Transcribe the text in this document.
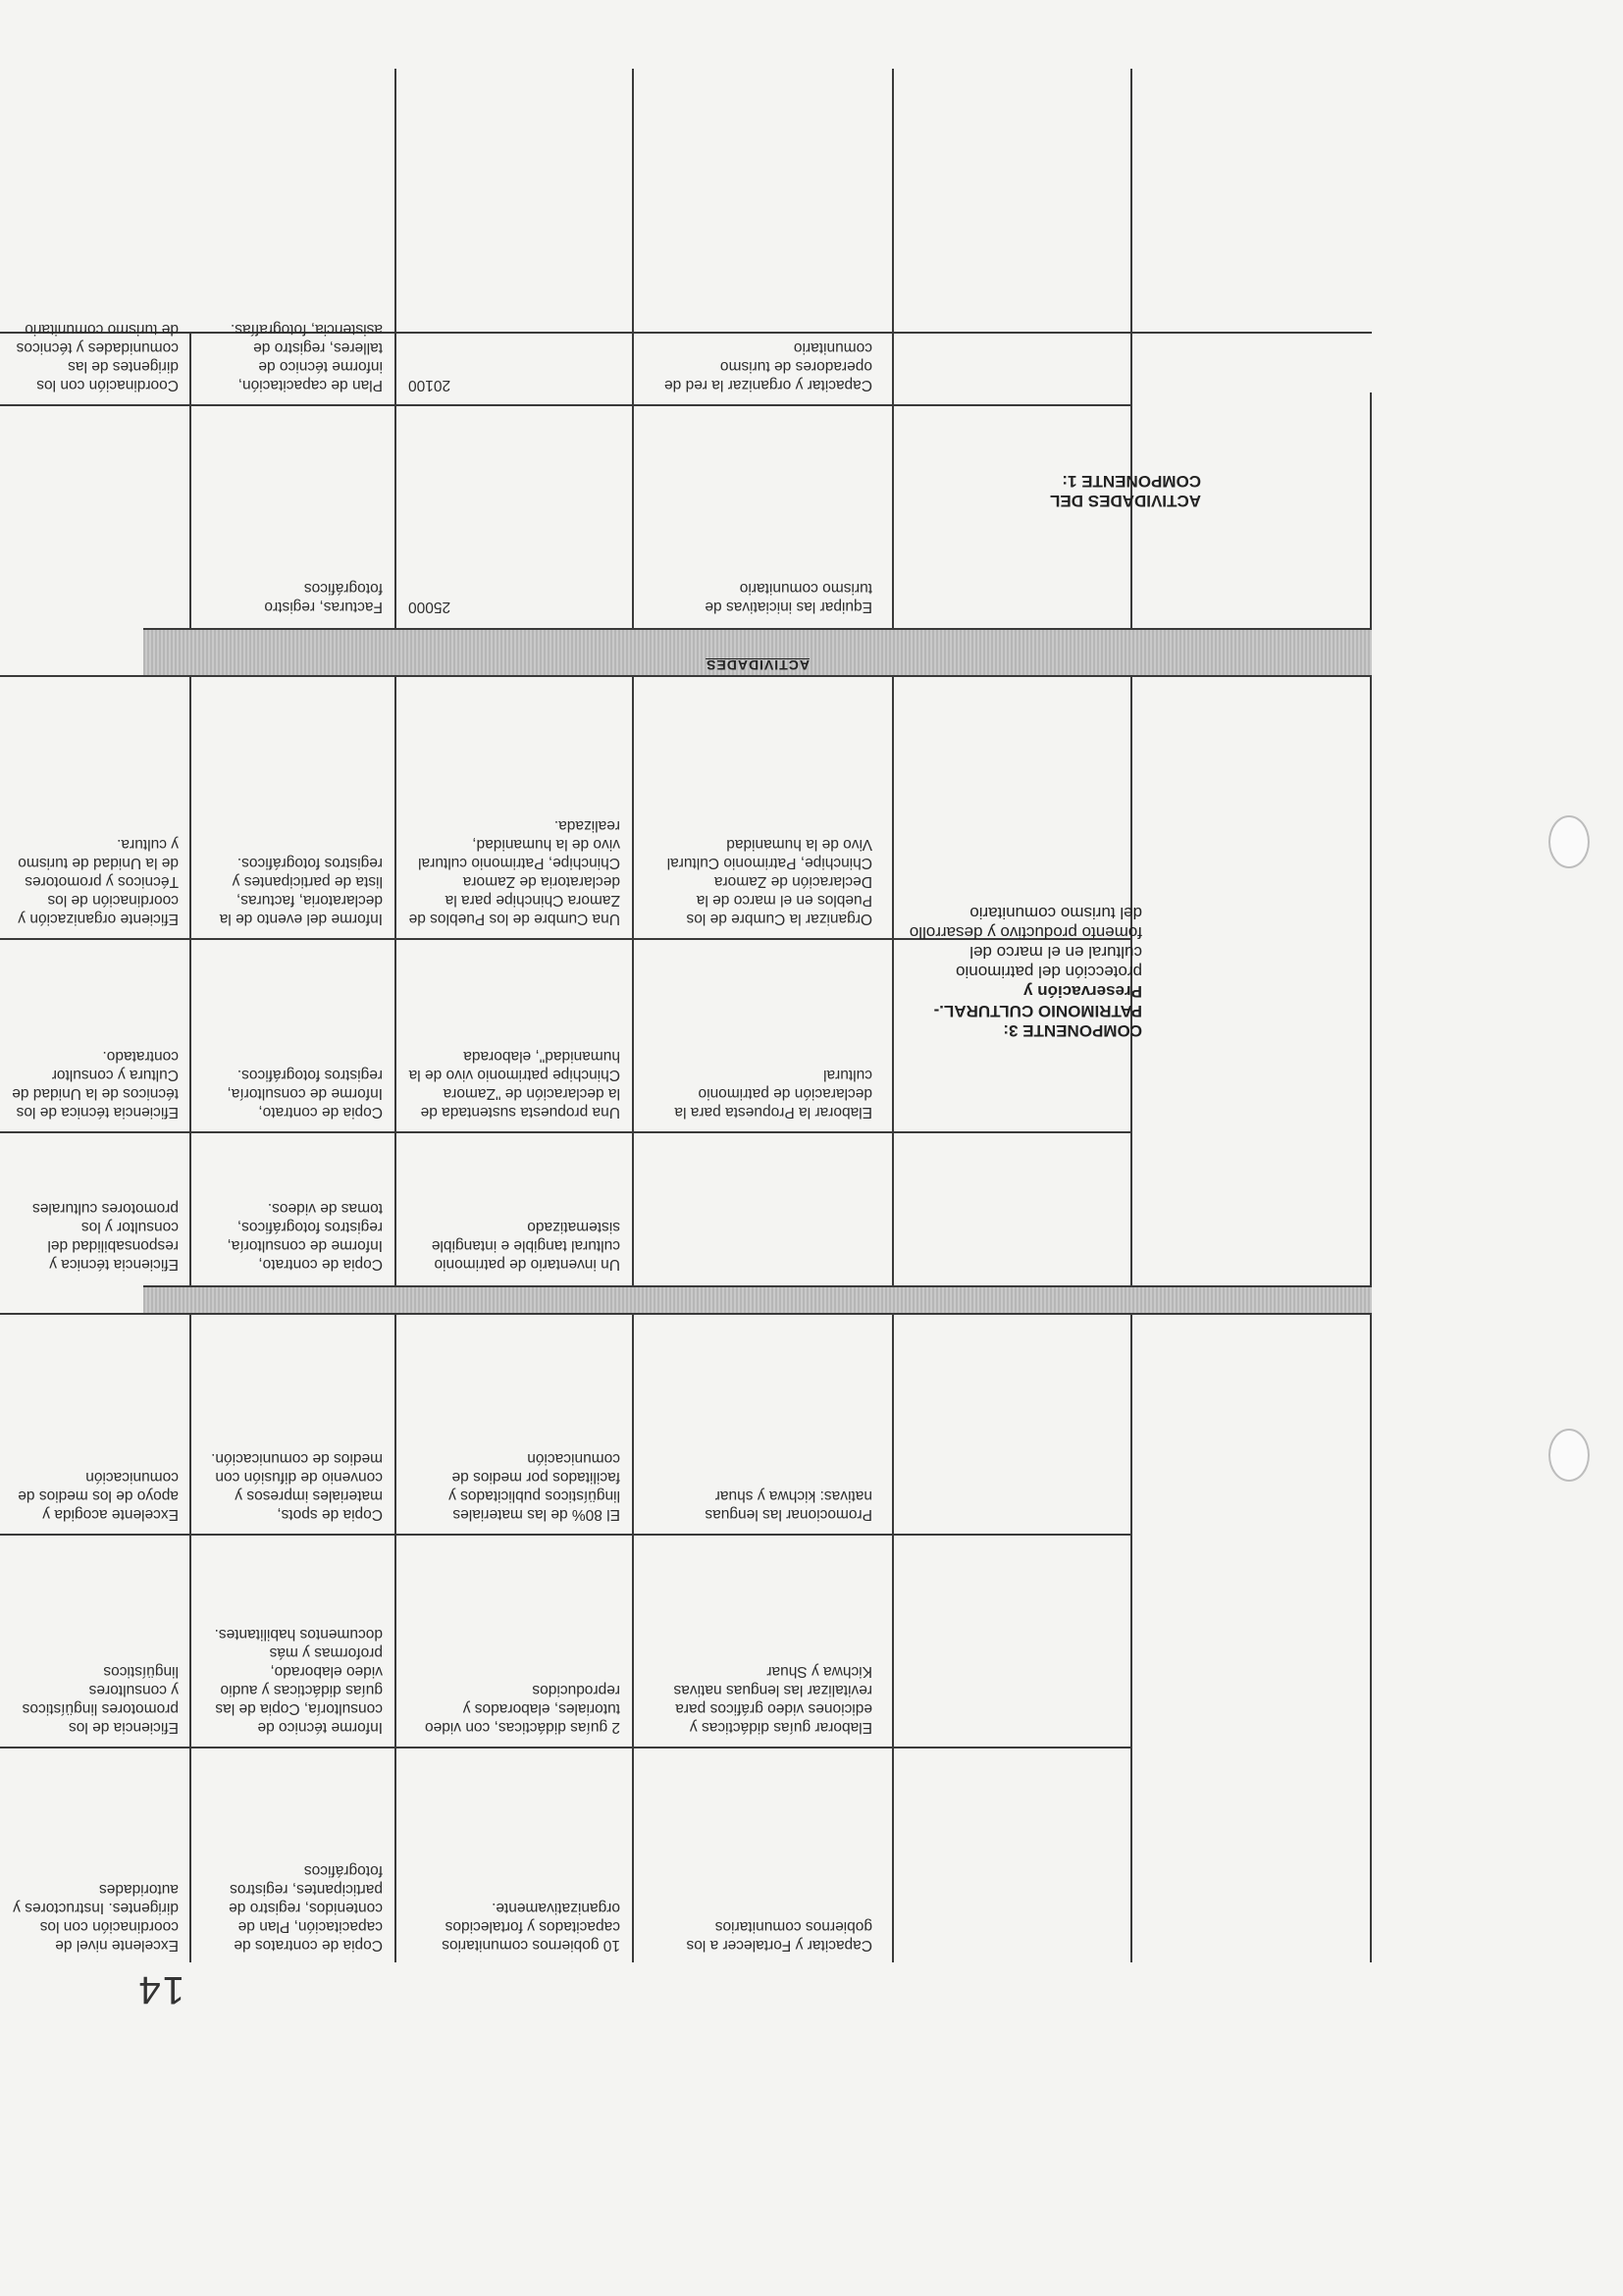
14
ACTIVIDADES
COMPONENTE 3: PATRIMONIO CULTURAL.- Preservación y
protección del patrimonio cultural en el marco del fomento productivo y desarrollo del turismo comunitario
ACTIVIDADES DEL COMPONENTE 1:
Capacitar y Fortalecer a los gobiernos comunitarios
10 gobiernos comunitarios capacitados y fortalecidos organizativamente.
Copia de contratos de capacitación, Plan de contenidos, registro de participantes, registros fotográficos
Excelente nivel de coordinación con los dirigentes. Instructores y autoridades
Elaborar guías didácticas y ediciones video gráficos para revitalizar las lenguas nativas Kichwa y Shuar
2 guías didácticas, con video tutoriales, elaborados y reproducidos
Informe técnico de consultoría, Copia de las guías didácticas y audio video elaborado, proformas y más documentos habilitantes.
Eficiencia de los promotores lingüísticos y consultores lingüísticos
Promocionar las lenguas nativas: kichwa y shuar
El 80% de las materiales lingüísticos publicitados y facilitados por medios de comunicación
Copia de spots, materiales impresos y convenio de difusión con medios de comunicación.
Excelente acogida y apoyo de los medios de comunicación
Un inventario de patrimonio cultural tangible e intangible sistematizado
Copia de contrato, Informe de consultoría, registros fotográficos, tomas de videos.
Eficiencia técnica y responsabilidad del consultor y los promotores culturales
Elaborar la Propuesta para la declaración de patrimonio cultural
Una propuesta sustentada de la declaración de "Zamora Chinchipe patrimonio vivo de la humanidad", elaborada
Copia de contrato, Informe de consultoría, registros fotográficos.
Eficiencia técnica de los técnicos de la Unidad de Cultura y consultor contratado.
Organizar la Cumbre de los Pueblos en el marco de la Declaración de Zamora Chinchipe, Patrimonio Cultural Vivo de la humanidad
Una Cumbre de los Pueblos de Zamora Chinchipe para la declaratoria de Zamora Chinchipe, Patrimonio cultural vivo de la humanidad, realizada.
Informe del evento de la declaratoria, facturas, lista de participantes y registros fotográficos.
Eficiente organización y coordinación de los Técnicos y promotores de la Unidad de turismo y cultura.
Equipar las iniciativas de turismo comunitario
25000
Facturas, registro fotográficos
Capacitar y organizar la red de operadores de turismo comunitario
20100
Plan de capacitación, informe técnico de talleres, registro de asistencia, fotografías.
Coordinación con los dirigentes de las comunidades y técnicos de turismo comunitario
